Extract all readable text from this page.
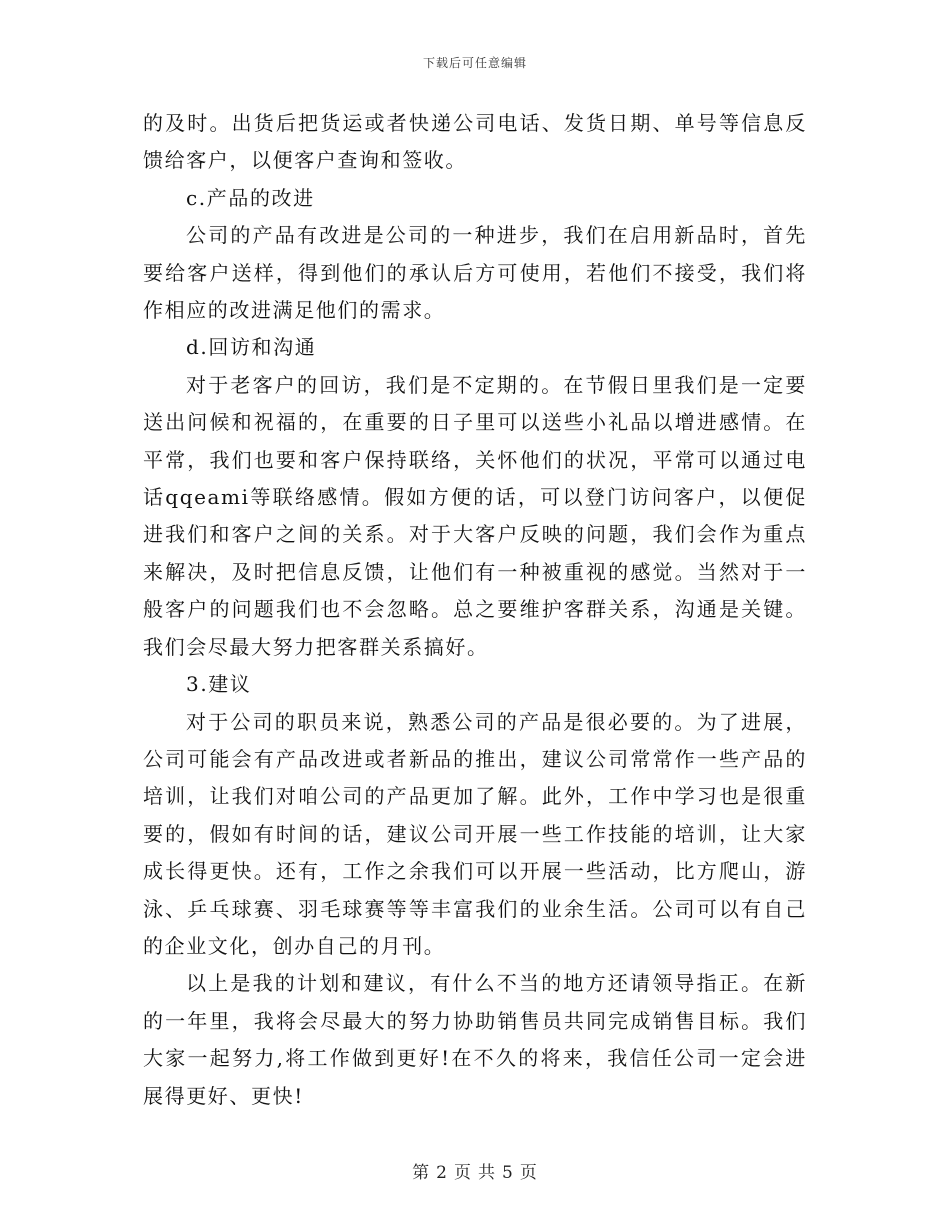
下载后可任意编辑

的及时。出货后把货运或者快递公司电话、发货日期、单号等信息反馈给客户，以便客户查询和签收。

c.产品的改进

公司的产品有改进是公司的一种进步，我们在启用新品时，首先要给客户送样，得到他们的承认后方可使用，若他们不接受，我们将作相应的改进满足他们的需求。

d.回访和沟通

对于老客户的回访，我们是不定期的。在节假日里我们是一定要送出问候和祝福的，在重要的日子里可以送些小礼品以增进感情。在平常，我们也要和客户保持联络，关怀他们的状况，平常可以通过电话qqeami等联络感情。假如方便的话，可以登门访问客户，以便促进我们和客户之间的关系。对于大客户反映的问题，我们会作为重点来解决，及时把信息反馈，让他们有一种被重视的感觉。当然对于一般客户的问题我们也不会忽略。总之要维护客群关系，沟通是关键。我们会尽最大努力把客群关系搞好。

3.建议

对于公司的职员来说，熟悉公司的产品是很必要的。为了进展，公司可能会有产品改进或者新品的推出，建议公司常常作一些产品的培训，让我们对咱公司的产品更加了解。此外，工作中学习也是很重要的，假如有时间的话，建议公司开展一些工作技能的培训，让大家成长得更快。还有，工作之余我们可以开展一些活动，比方爬山，游泳、乒乓球赛、羽毛球赛等等丰富我们的业余生活。公司可以有自己的企业文化，创办自己的月刊。

以上是我的计划和建议，有什么不当的地方还请领导指正。在新的一年里，我将会尽最大的努力协助销售员共同完成销售目标。我们大家一起努力,将工作做到更好!在不久的将来，我信任公司一定会进展得更好、更快!

第 2 页 共 5 页
